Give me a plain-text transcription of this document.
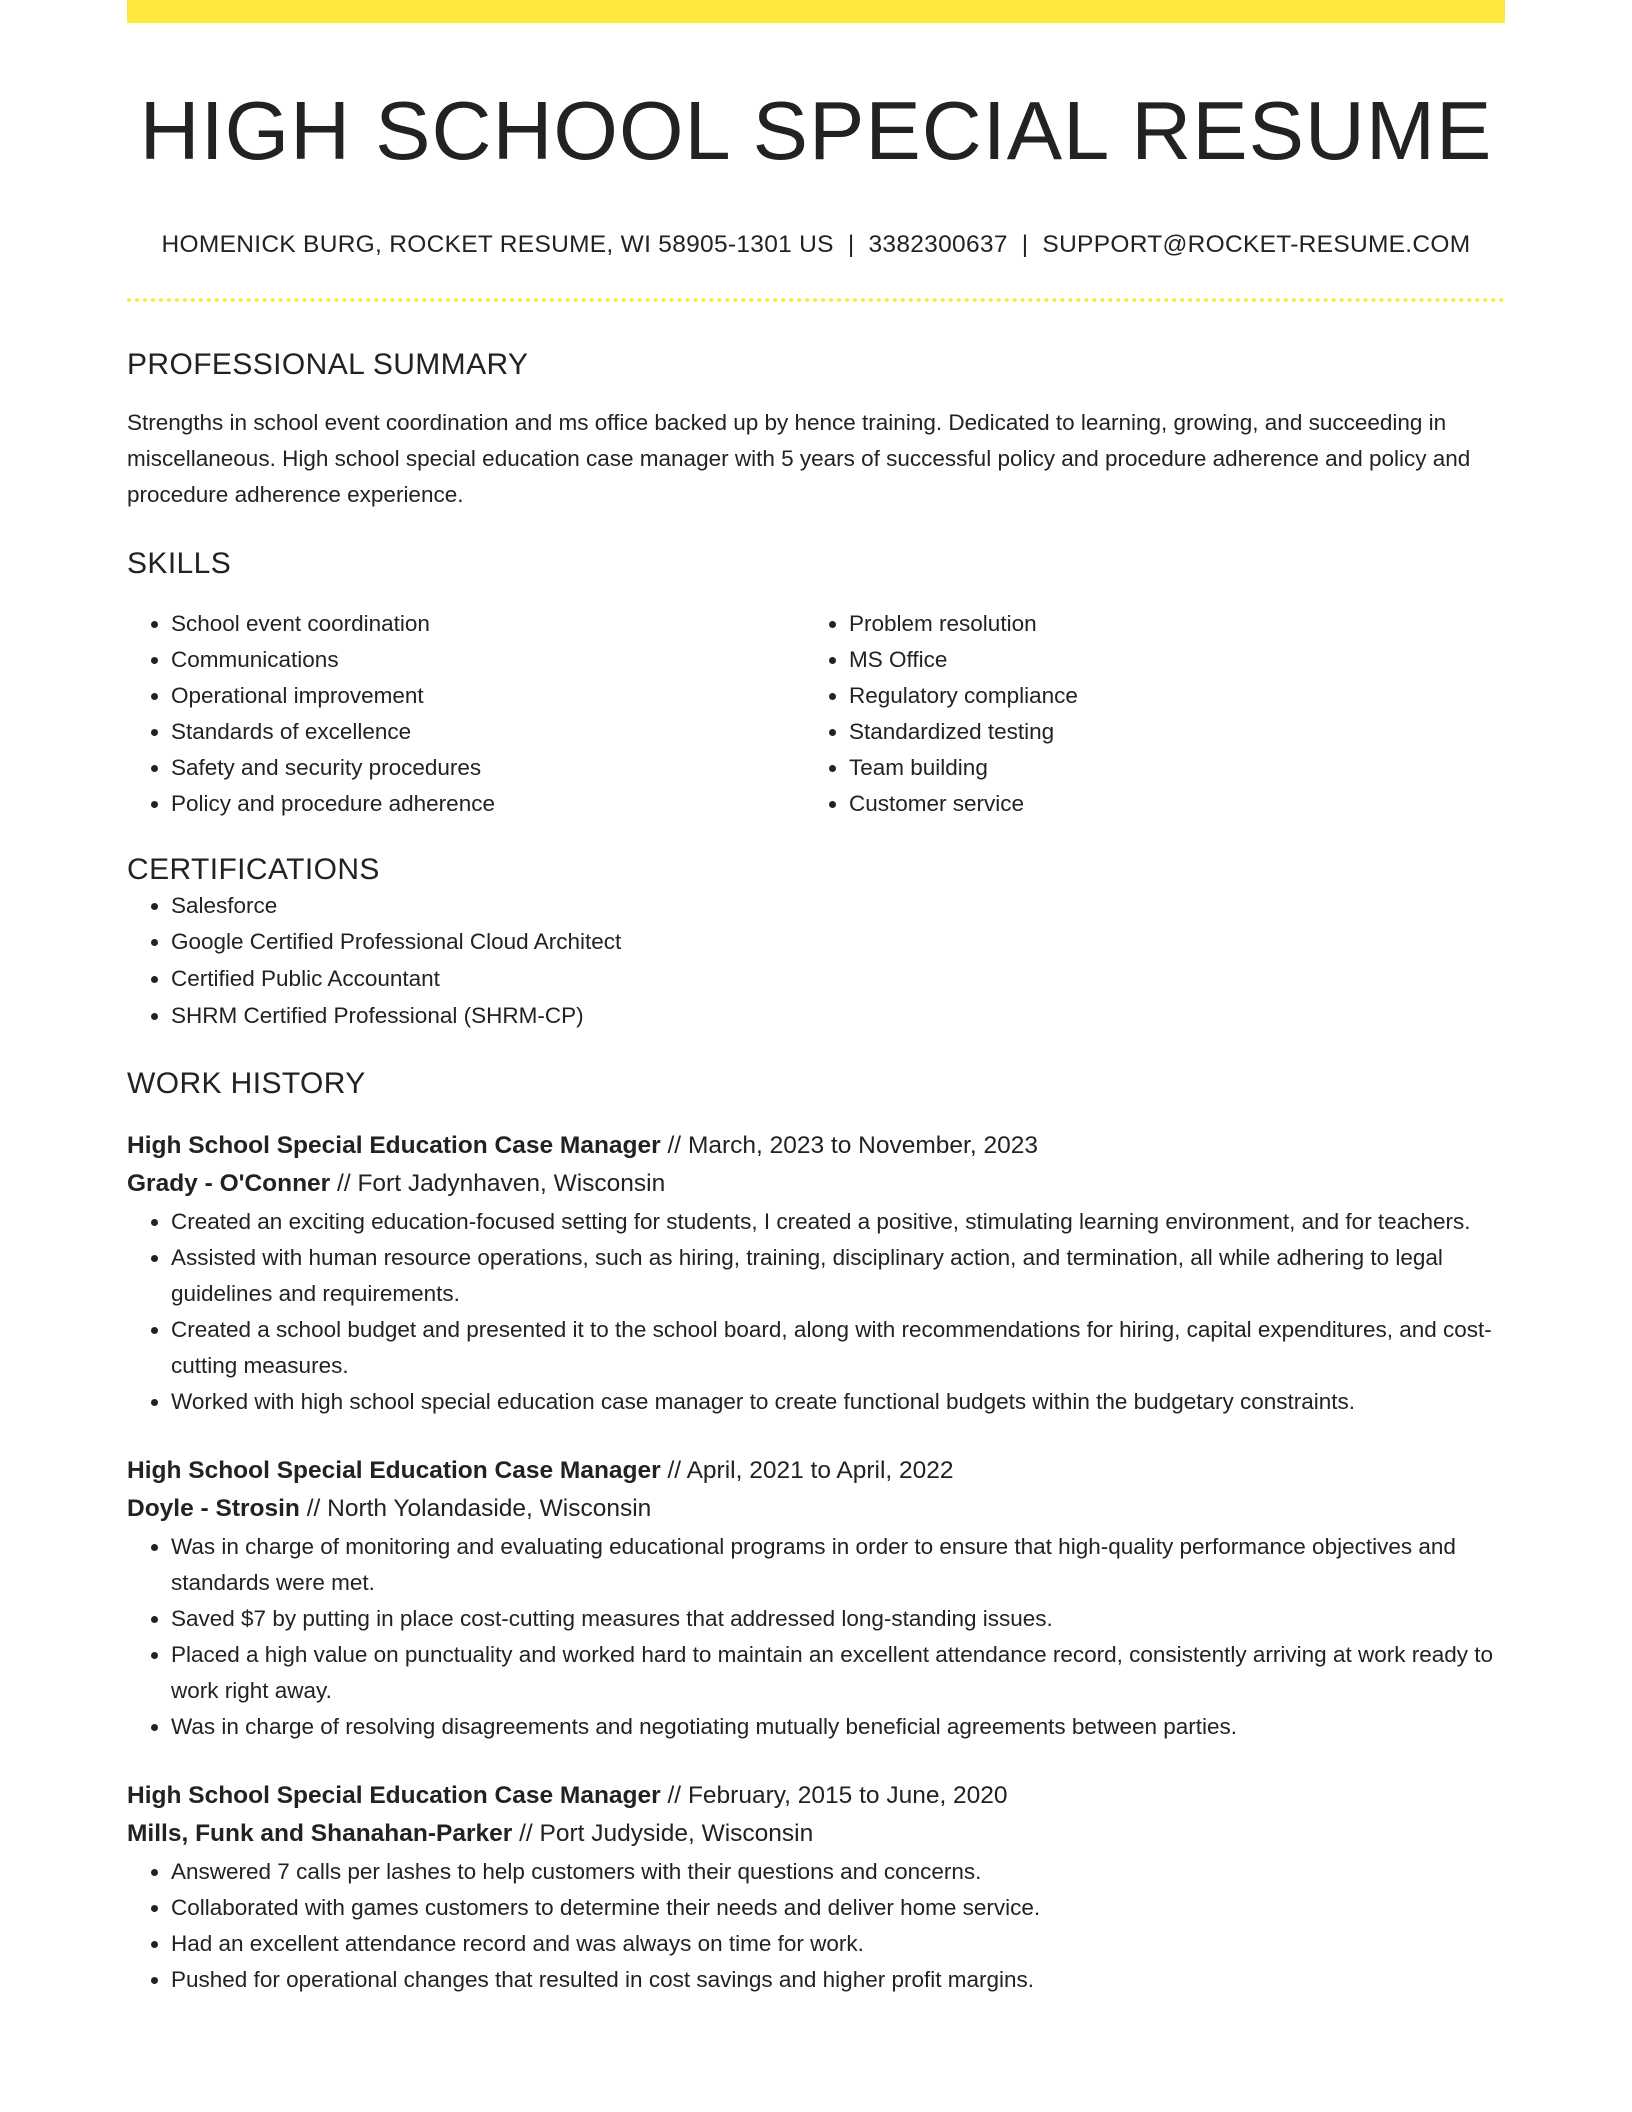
HIGH SCHOOL SPECIAL RESUME
HOMENICK BURG, ROCKET RESUME, WI 58905-1301 US | 3382300637 | SUPPORT@ROCKET-RESUME.COM
PROFESSIONAL SUMMARY
Strengths in school event coordination and ms office backed up by hence training. Dedicated to learning, growing, and succeeding in miscellaneous. High school special education case manager with 5 years of successful policy and procedure adherence and policy and procedure adherence experience.
SKILLS
• School event coordination
• Communications
• Operational improvement
• Standards of excellence
• Safety and security procedures
• Policy and procedure adherence
• Problem resolution
• MS Office
• Regulatory compliance
• Standardized testing
• Team building
• Customer service
CERTIFICATIONS
• Salesforce
• Google Certified Professional Cloud Architect
• Certified Public Accountant
• SHRM Certified Professional (SHRM-CP)
WORK HISTORY
High School Special Education Case Manager // March, 2023 to November, 2023
Grady - O'Conner // Fort Jadynhaven, Wisconsin
• Created an exciting education-focused setting for students, I created a positive, stimulating learning environment, and for teachers.
• Assisted with human resource operations, such as hiring, training, disciplinary action, and termination, all while adhering to legal guidelines and requirements.
• Created a school budget and presented it to the school board, along with recommendations for hiring, capital expenditures, and cost-cutting measures.
• Worked with high school special education case manager to create functional budgets within the budgetary constraints.
High School Special Education Case Manager // April, 2021 to April, 2022
Doyle - Strosin // North Yolandaside, Wisconsin
• Was in charge of monitoring and evaluating educational programs in order to ensure that high-quality performance objectives and standards were met.
• Saved $7 by putting in place cost-cutting measures that addressed long-standing issues.
• Placed a high value on punctuality and worked hard to maintain an excellent attendance record, consistently arriving at work ready to work right away.
• Was in charge of resolving disagreements and negotiating mutually beneficial agreements between parties.
High School Special Education Case Manager // February, 2015 to June, 2020
Mills, Funk and Shanahan-Parker // Port Judyside, Wisconsin
• Answered 7 calls per lashes to help customers with their questions and concerns.
• Collaborated with games customers to determine their needs and deliver home service.
• Had an excellent attendance record and was always on time for work.
• Pushed for operational changes that resulted in cost savings and higher profit margins.
